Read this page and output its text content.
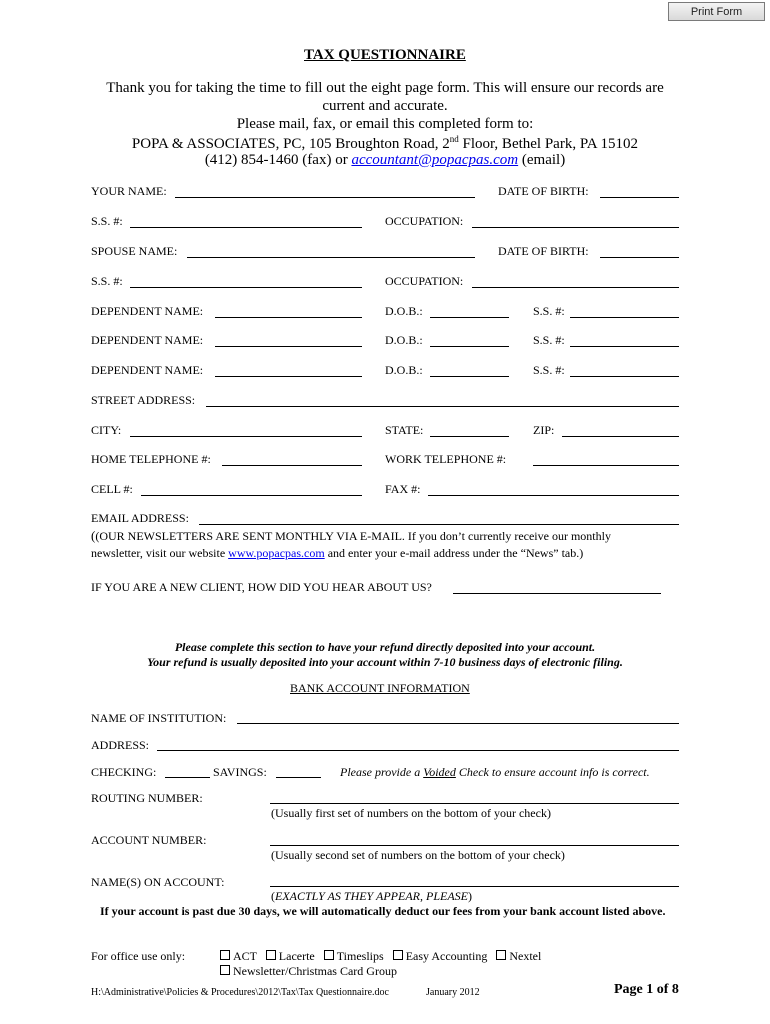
Print Form
TAX QUESTIONNAIRE
Thank you for taking the time to fill out the eight page form. This will ensure our records are
current and accurate.
Please mail, fax, or email this completed form to:
POPA & ASSOCIATES, PC, 105 Broughton Road, 2nd Floor, Bethel Park, PA 15102
(412) 854-1460 (fax) or accountant@popacpas.com (email)
YOUR NAME:	DATE OF BIRTH:
S.S. #:	OCCUPATION:
SPOUSE NAME:	DATE OF BIRTH:
S.S. #:	OCCUPATION:
DEPENDENT NAME:	D.O.B.:	S.S. #:
DEPENDENT NAME:	D.O.B.:	S.S. #:
DEPENDENT NAME:	D.O.B.:	S.S. #:
STREET ADDRESS:
CITY:	STATE:	ZIP:
HOME TELEPHONE #:	WORK TELEPHONE #:
CELL #:	FAX #:
EMAIL ADDRESS:
((OUR NEWSLETTERS ARE SENT MONTHLY VIA E-MAIL. If you don’t currently receive our monthly
newsletter, visit our website www.popacpas.com and enter your e-mail address under the “News” tab.)
IF YOU ARE A NEW CLIENT, HOW DID YOU HEAR ABOUT US?
Please complete this section to have your refund directly deposited into your account.
Your refund is usually deposited into your account within 7-10 business days of electronic filing.
BANK ACCOUNT INFORMATION
NAME OF INSTITUTION:
ADDRESS:
CHECKING:	SAVINGS:	Please provide a Voided Check to ensure account info is correct.
ROUTING NUMBER:
(Usually first set of numbers on the bottom of your check)
ACCOUNT NUMBER:
(Usually second set of numbers on the bottom of your check)
NAME(S) ON ACCOUNT:
(EXACTLY AS THEY APPEAR, PLEASE)
If your account is past due 30 days, we will automatically deduct our fees from your bank account listed above.
For office use only:	ACT Lacerte Timeslips Easy Accounting Nextel
Newsletter/Christmas Card Group
H:\Administrative\Policies & Procedures\2012\Tax\Tax Questionnaire.doc	January 2012	Page 1 of 8
